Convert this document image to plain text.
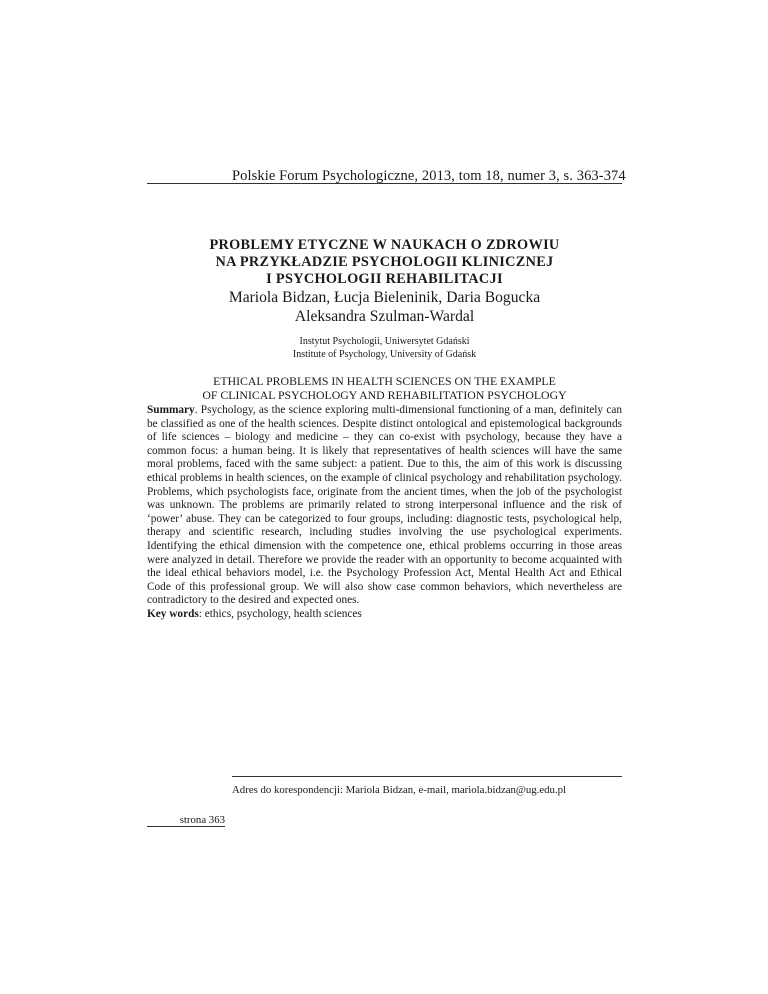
Polskie Forum Psychologiczne, 2013, tom 18, numer 3, s. 363-374
PROBLEMY ETYCZNE W NAUKACH O ZDROWIU
NA PRZYKŁADZIE PSYCHOLOGII KLINICZNEJ
I PSYCHOLOGII REHABILITACJI
Mariola Bidzan, Łucja Bieleninik, Daria Bogucka
Aleksandra Szulman-Wardal
Instytut Psychologii, Uniwersytet Gdański
Institute of Psychology, University of Gdańsk
ETHICAL PROBLEMS IN HEALTH SCIENCES ON THE EXAMPLE
OF CLINICAL PSYCHOLOGY AND REHABILITATION PSYCHOLOGY
Summary. Psychology, as the science exploring multi-dimensional functioning of a man, definitely can be classified as one of the health sciences. Despite distinct ontological and epistemological backgrounds of life sciences – biology and medicine – they can co-exist with psychology, because they have a common focus: a human being. It is likely that representatives of health sciences will have the same moral problems, faced with the same subject: a patient. Due to this, the aim of this work is discussing ethical problems in health sciences, on the example of clinical psychology and rehabilitation psychology. Problems, which psychologists face, originate from the ancient times, when the job of the psychologist was unknown. The problems are primarily related to strong interpersonal influence and the risk of ‘power’ abuse. They can be categorized to four groups, including: diagnostic tests, psychological help, therapy and scientific research, including studies involving the use psychological experiments. Identifying the ethical dimension with the competence one, ethical problems occurring in those areas were analyzed in detail. Therefore we provide the reader with an opportunity to become acquainted with the ideal ethical behaviors model, i.e. the Psychology Profession Act, Mental Health Act and Ethical Code of this professional group. We will also show case common behaviors, which nevertheless are contradictory to the desired and expected ones.
Key words: ethics, psychology, health sciences
Adres do korespondencji: Mariola Bidzan, e-mail, mariola.bidzan@ug.edu.pl
strona 363
